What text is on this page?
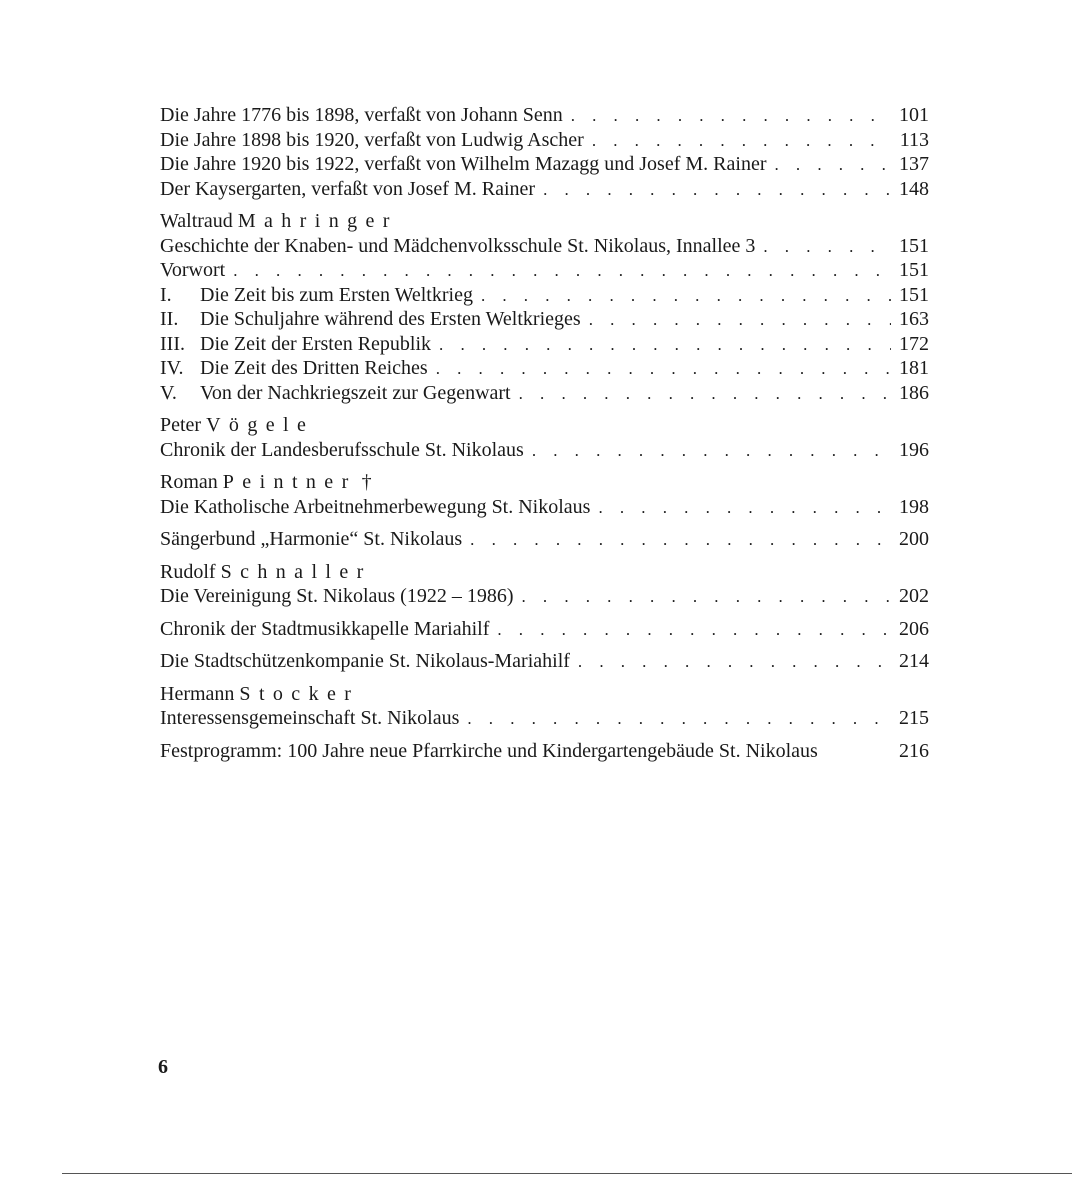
Die Jahre 1776 bis 1898, verfaßt von Johann Senn . . .	101
Die Jahre 1898 bis 1920, verfaßt von Ludwig Ascher . . .	113
Die Jahre 1920 bis 1922, verfaßt von Wilhelm Mazagg und Josef M. Rainer . . .	137
Der Kaysergarten, verfaßt von Josef M. Rainer . . .	148
Waltraud Mahringer
Geschichte der Knaben- und Mädchenvolksschule St. Nikolaus, Innallee 3 . . .	151
Vorwort . . .	151
I.	Die Zeit bis zum Ersten Weltkrieg . . .	151
II.	Die Schuljahre während des Ersten Weltkrieges . . .	163
III. Die Zeit der Ersten Republik . . .	172
IV. Die Zeit des Dritten Reiches . . .	181
V.	Von der Nachkriegszeit zur Gegenwart . . .	186
Peter Vögele
Chronik der Landesberufsschule St. Nikolaus . . .	196
Roman Peintner †
Die Katholische Arbeitnehmerbewegung St. Nikolaus . . .	198
Sängerbund „Harmonie“ St. Nikolaus . . .	200
Rudolf Schnaller
Die Vereinigung St. Nikolaus (1922 – 1986) . . .	202
Chronik der Stadtmusikkapelle Mariahilf . . .	206
Die Stadtschützenkompanie St. Nikolaus-Mariahilf . . .	214
Hermann Stocker
Interessensgemeinschaft St. Nikolaus . . .	215
Festprogramm: 100 Jahre neue Pfarrkirche und Kindergartengebäude St. Nikolaus	216
6
